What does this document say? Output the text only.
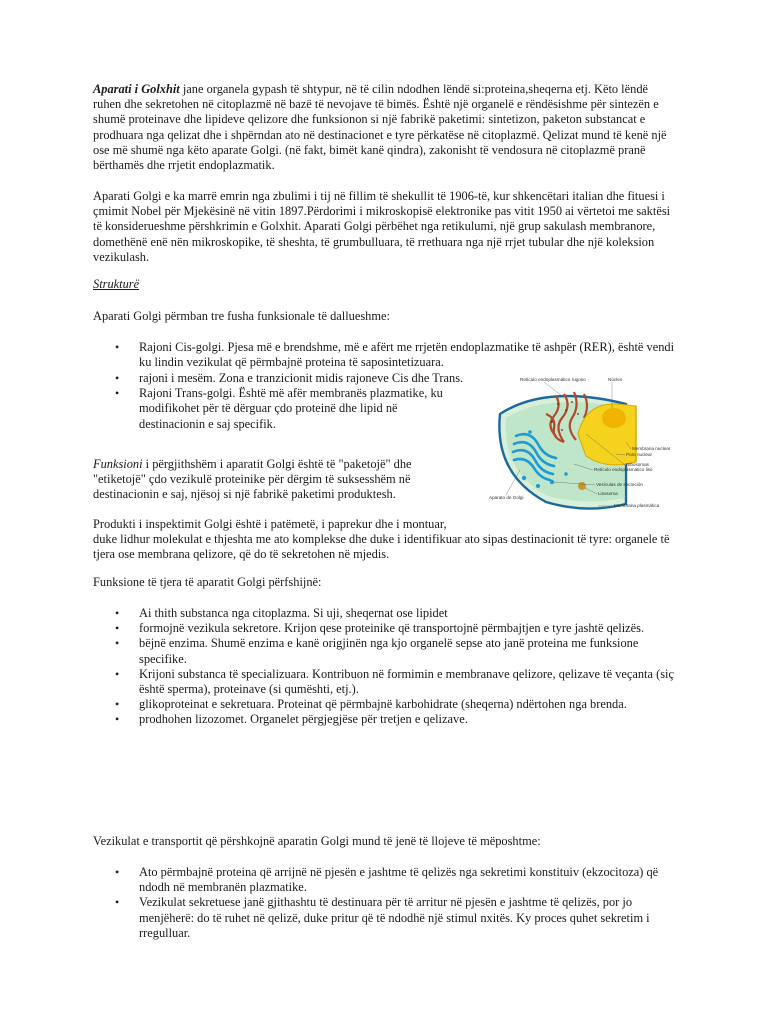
Aparati i Golxhit jane organela gypash të shtypur, në të cilin ndodhen lëndë si:proteina,sheqerna etj. Këto lëndë ruhen dhe sekretohen në citoplazmë në bazë të nevojave të bimës. Është një organelë e rëndësishme për sintezën e shumë proteinave dhe lipideve qelizore dhe funksionon si një fabrikë paketimi: sintetizon, paketon substancat e prodhuara nga qelizat dhe i shpërndan ato në destinacionet e tyre përkatëse në citoplazmë. Qelizat mund të kenë një ose më shumë nga këto aparate Golgi. (në fakt, bimët kanë qindra), zakonisht të vendosura në citoplazmë pranë bërthamës dhe rrjetit endoplazmatik.

Aparati Golgi e ka marrë emrin nga zbulimi i tij në fillim të shekullit të 1906-të, kur shkencëtari italian dhe fituesi i çmimit Nobel për Mjekësinë në vitin 1897.Përdorimi i mikroskopisë elektronike pas vitit 1950 ai vërtetoi me saktësi të konsiderueshme përshkrimin e Golxhit. Aparati Golgi përbëhet nga retikulumi, një grup sakulash membranore, domethënë enë nën mikroskopike, të sheshta, të grumbulluara, të rrethuara nga një rrjet tubular dhe një koleksion vezikulash.

Strukturë

Aparati Golgi përmban tre fusha funksionale të dallueshme:

• Rajoni Cis-golgi. Pjesa më e brendshme, më e afërt me rrjetën endoplazmatike të ashpër (RER), është vendi ku lindin vezikulat që përmbajnë proteina të saposintetizuara.
• rajoni i mesëm. Zona e tranzicionit midis rajoneve Cis dhe Trans.
• Rajoni Trans-golgi. Është më afër membranës plazmatike, ku modifikohet për të dërguar çdo proteinë dhe lipid në destinacionin e saj specifik.

Funksioni i përgjithshëm i aparatit Golgi është të "paketojë" dhe "etiketojë" çdo vezikulë proteinike për dërgim të suksesshëm në destinacionin e saj, njësoj si një fabrikë paketimi produktesh.

Produkti i inspektimit Golgi është i patëmetë, i paprekur dhe i montuar,
duke lidhur molekulat e thjeshta me ato komplekse dhe duke i identifikuar ato sipas destinacionit të tyre: organele të tjera ose membrana qelizore, që do të sekretohen në mjedis.

Funksione të tjera të aparatit Golgi përfshijnë:

• Ai thith substanca nga citoplazma. Si uji, sheqernat ose lipidet
• formojnë vezikula sekretore. Krijon qese proteinike që transportojnë përmbajtjen e tyre jashtë qelizës.
• bëjnë enzima. Shumë enzima e kanë origjinën nga kjo organelë sepse ato janë proteina me funksione specifike.
• Krijoni substanca të specializuara. Kontribuon në formimin e membranave qelizore, qelizave të veçanta (siç është sperma), proteinave (si qumështi, etj.).
• glikoproteinat e sekretuara. Proteinat që përmbajnë karbohidrate (sheqerna) ndërtohen nga brenda.
• prodhohen lizozomet. Organelet përgjegjëse për tretjen e qelizave.

Vezikulat e transportit që përshkojnë aparatin Golgi mund të jenë të llojeve të mëposhtme:

• Ato përmbajnë proteina që arrijnë në pjesën e jashtme të qelizës nga sekretimi konstituiv (ekzocitoza) që ndodh në membranën plazmatike.
• Vezikulat sekretuese janë gjithashtu të destinuara për të arritur në pjesën e jashtme të qelizës, por jo menjëherë: do të ruhet në qelizë, duke pritur që të ndodhë një stimul nxitës. Ky proces quhet sekretim i rregulluar.
Retículo endoplasmático rugoso	Núcleo
Membrana nuclear
Poro nuclear
Ribosomas
Retículo endoplasmático liso
Vesículas de secreción
Lisosoma
Aparato de Golgi
Membrana plasmática
